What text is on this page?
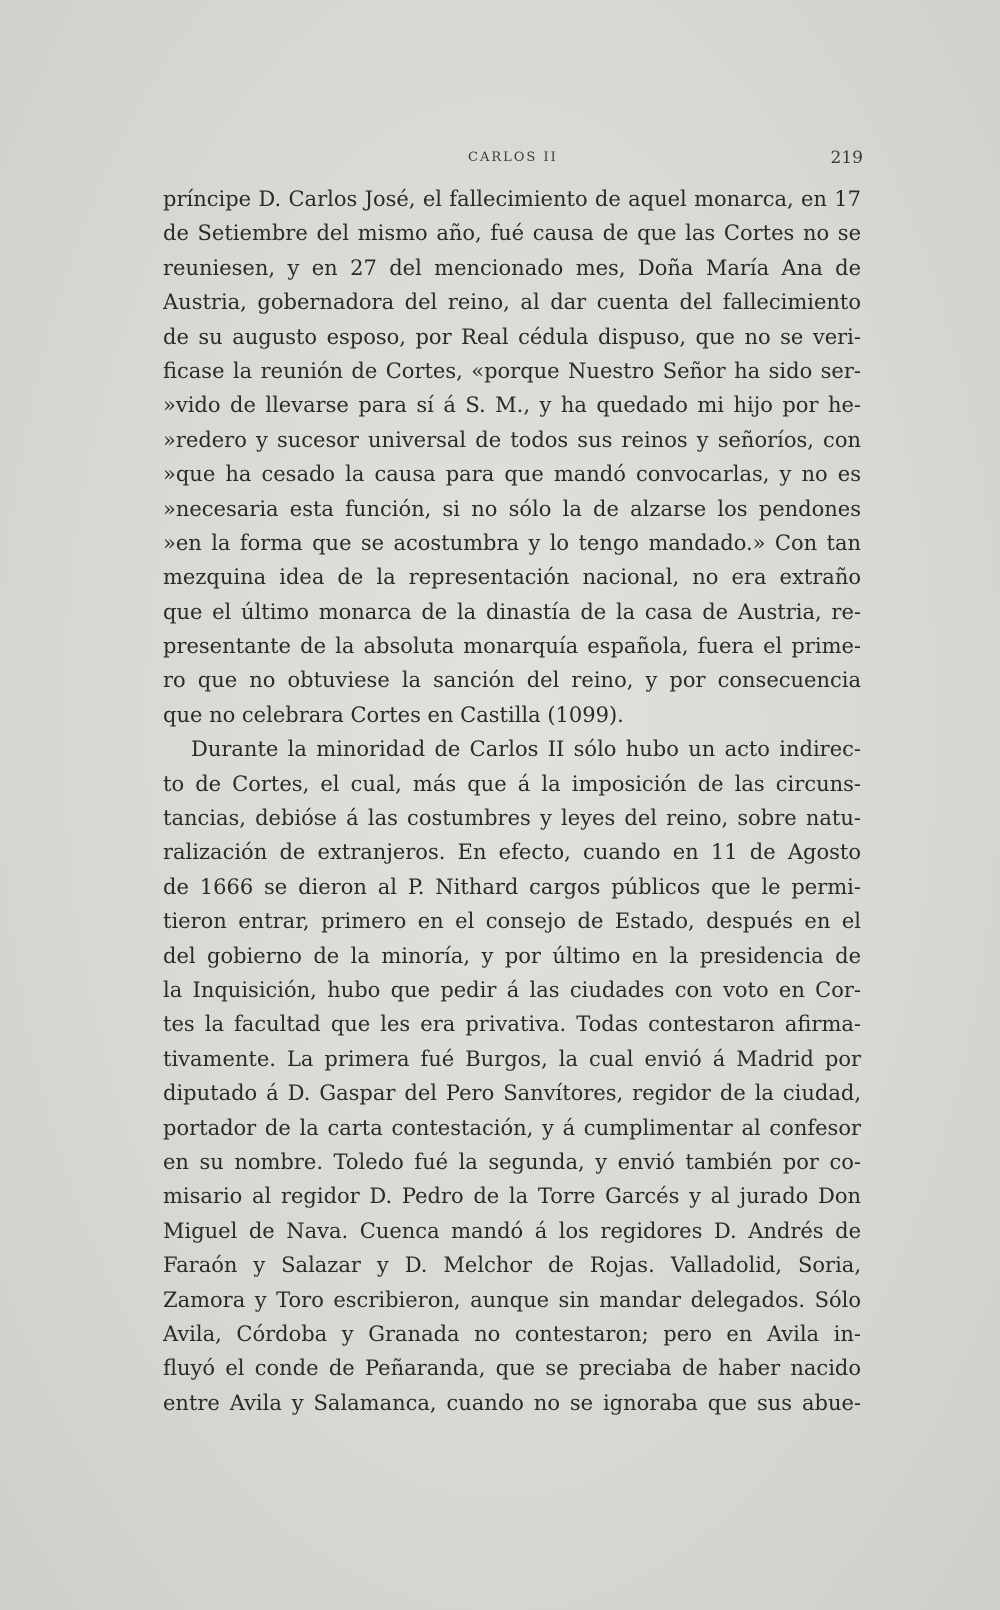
CARLOS II	219
príncipe D. Carlos José, el fallecimiento de aquel monarca, en 17
de Setiembre del mismo año, fué causa de que las Cortes no se
reuniesen, y en 27 del mencionado mes, Doña María Ana de
Austria, gobernadora del reino, al dar cuenta del fallecimiento
de su augusto esposo, por Real cédula dispuso, que no se veri-
ficase la reunión de Cortes, «porque Nuestro Señor ha sido ser-
»vido de llevarse para sí á S. M., y ha quedado mi hijo por he-
»redero y sucesor universal de todos sus reinos y señoríos, con
»que ha cesado la causa para que mandó convocarlas, y no es
»necesaria esta función, si no sólo la de alzarse los pendones
»en la forma que se acostumbra y lo tengo mandado.» Con tan
mezquina idea de la representación nacional, no era extraño
que el último monarca de la dinastía de la casa de Austria, re-
presentante de la absoluta monarquía española, fuera el prime-
ro que no obtuviese la sanción del reino, y por consecuencia
que no celebrara Cortes en Castilla (1099).
Durante la minoridad de Carlos II sólo hubo un acto indirec-
to de Cortes, el cual, más que á la imposición de las circuns-
tancias, debióse á las costumbres y leyes del reino, sobre natu-
ralización de extranjeros. En efecto, cuando en 11 de Agosto
de 1666 se dieron al P. Nithard cargos públicos que le permi-
tieron entrar, primero en el consejo de Estado, después en el
del gobierno de la minoría, y por último en la presidencia de
la Inquisición, hubo que pedir á las ciudades con voto en Cor-
tes la facultad que les era privativa. Todas contestaron afirma-
tivamente. La primera fué Burgos, la cual envió á Madrid por
diputado á D. Gaspar del Pero Sanvítores, regidor de la ciudad,
portador de la carta contestación, y á cumplimentar al confesor
en su nombre. Toledo fué la segunda, y envió también por co-
misario al regidor D. Pedro de la Torre Garcés y al jurado Don
Miguel de Nava. Cuenca mandó á los regidores D. Andrés de
Faraón y Salazar y D. Melchor de Rojas. Valladolid, Soria,
Zamora y Toro escribieron, aunque sin mandar delegados. Sólo
Avila, Córdoba y Granada no contestaron; pero en Avila in-
fluyó el conde de Peñaranda, que se preciaba de haber nacido
entre Avila y Salamanca, cuando no se ignoraba que sus abue-
